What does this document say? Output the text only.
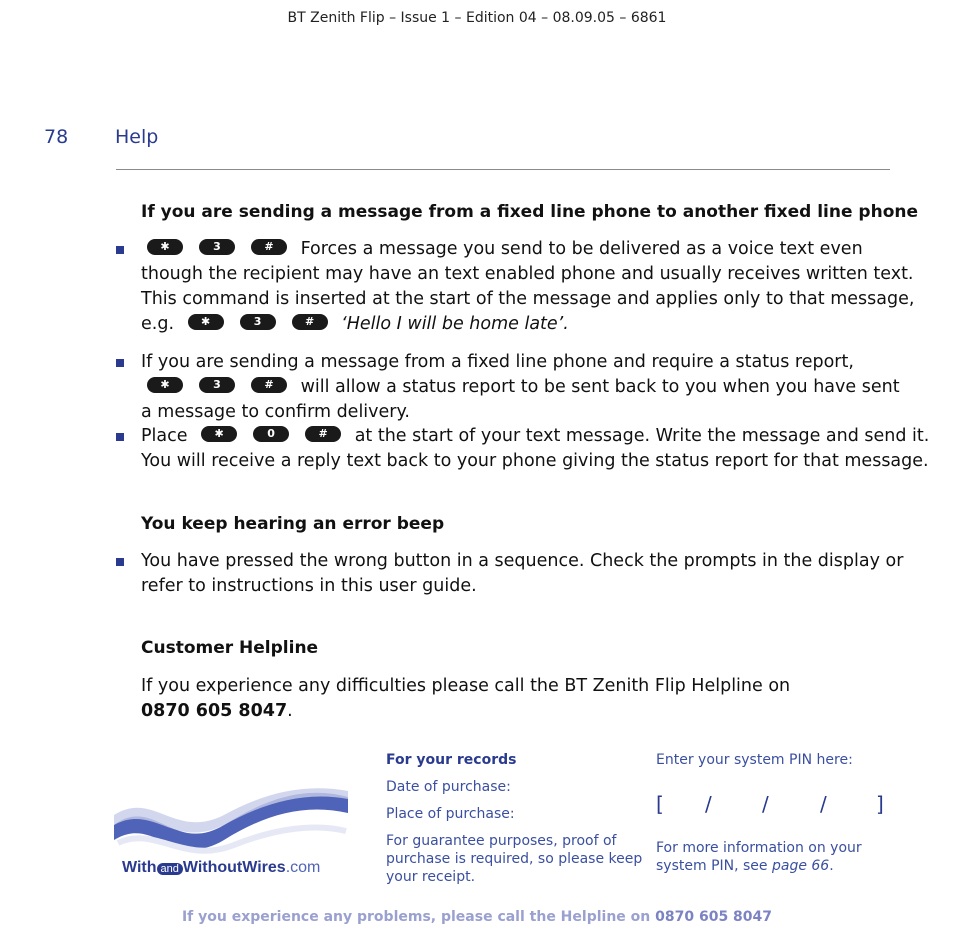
BT Zenith Flip – Issue 1 – Edition 04 – 08.09.05 – 6861
78 Help
If you are sending a message from a fixed line phone to another fixed line phone
✱	3	# Forces a message you send to be delivered as a voice text even
though the recipient may have an text enabled phone and usually receives written text.
This command is inserted at the start of the message and applies only to that message,
e.g. ✱	3	# ‘Hello I will be home late’.
If you are sending a message from a fixed line phone and require a status report,
✱	3	# will allow a status report to be sent back to you when you have sent
a message to confirm delivery.
Place ✱	0	# at the start of your text message. Write the message and send it.
You will receive a reply text back to your phone giving the status report for that message.
You keep hearing an error beep
You have pressed the wrong button in a sequence. Check the prompts in the display or
refer to instructions in this user guide.
Customer Helpline
If you experience any difficulties please call the BT Zenith Flip Helpline on
0870 605 8047.
With and WithoutWires.com
For your records
Date of purchase:
Place of purchase:
For guarantee purposes, proof of
purchase is required, so please keep
your receipt.
Enter your system PIN here:
[ /	/	/ ]
For more information on your
system PIN, see page 66.
If you experience any problems, please call the Helpline on 0870 605 8047
